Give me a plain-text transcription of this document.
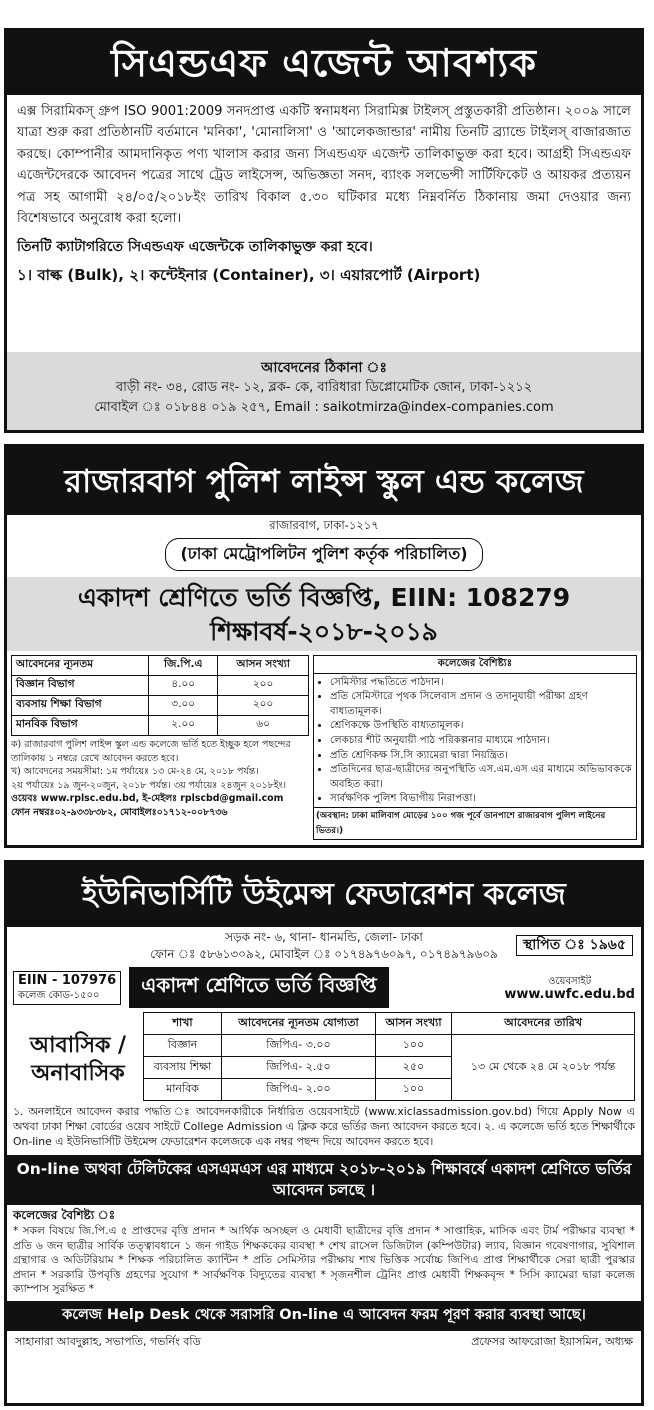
সিএন্ডএফ এজেন্ট আবশ্যক

এক্স সিরামিকস্ গ্রুপ ISO 9001:2009 সনদপ্রাপ্ত একটি স্বনামধন্য সিরামিক্স টাইলস্ প্রস্তুতকারী প্রতিষ্ঠান। ২০০৯ সালে যাত্রা শুরু করা প্রতিষ্ঠানটি বর্তমানে 'মনিকা', 'মোনালিসা' ও 'আলেকজান্ডার' নামীয় তিনটি ব্র্যান্ডে টাইলস্ বাজারজাত করছে। কোম্পানীর আমদানিকৃত পণ্য খালাস করার জন্য সিএন্ডএফ এজেন্ট তালিকাভুক্ত করা হবে। আগ্রহী সিএন্ডএফ এজেন্টদেরকে আবেদন পত্রের সাথে ট্রেড লাইসেন্স, অভিজ্ঞতা সনদ, ব্যাংক সলভেন্সী সার্টিফিকেট ও আয়কর প্রত্যয়ন পত্র সহ আগামী ২৪/০৫/২০১৮ইং তারিখ বিকাল ৫.৩০ ঘটিকার মধ্যে নিম্নবর্নিত ঠিকানায় জমা দেওয়ার জন্য বিশেষভাবে অনুরোধ করা হলো।

তিনটি ক্যাটাগরিতে সিএন্ডএফ এজেন্টকে তালিকাভুক্ত করা হবে।

১। বাল্ক (Bulk), ২। কন্টেইনার (Container), ৩। এয়ারপোর্ট (Airport)

আবেদনের ঠিকানা ঃ
বাড়ী নং- ৩৪, রোড নং- ১২, ব্লক- কে, বারিধারা ডিপ্লোমেটিক জোন, ঢাকা-১২১২
মোবাইল ঃ ০১৮৪৪ ০১৯ ২৫৭, Email : saikotmirza@index-companies.com
রাজারবাগ পুলিশ লাইন্স স্কুল এন্ড কলেজ
রাজারবাগ, ঢাকা-১২১৭
(ঢাকা মেট্রোপলিটন পুলিশ কর্তৃক পরিচালিত)
একাদশ শ্রেণিতে ভর্তি বিজ্ঞপ্তি, EIIN: 108279
শিক্ষাবর্ষ-২০১৮-২০১৯
আবেদনের ন্যূনতম	জি.পি.এ	আসন সংখ্যা
বিজ্ঞান বিভাগ	৪.০০	২০০
ব্যবসায় শিক্ষা বিভাগ	৩.০০	২০০
মানবিক বিভাগ	২.০০	৬০
ক) রাজারবাগ পুলিশ লাইন্স স্কুল এন্ড কলেজে ভর্তি হতে ইচ্ছুক হলে পছন্দের তালিকায় ১ নম্বরে রেখে আবেদন করতে হবে।
খ) আবেদনের সময়সীমা: ১ম পর্যায়েঃ ১৩ মে-২৪ মে, ২০১৮ পর্যন্ত।
২য় পর্যায়েঃ ১৯ জুন-২০জুন, ২০১৮ পর্যন্ত। ৩য় পর্যায়েঃ ২৪জুন ২০১৮ইং।
ওয়েবঃ www.rplsc.edu.bd, ই-মেইলঃ rplscbd@gmail.com
ফোন নম্বরঃ০২-৯৩৩৮৩৮২, মোবাইলঃ০১৭১২-০০৮৭৩৬
কলেজের বৈশিষ্ট্যঃ
• সেমিস্টার পদ্ধতিতে পাঠদান।
• প্রতি সেমিস্টারে পৃথক সিলেবাস প্রদান ও তদানুযায়ী পরীক্ষা গ্রহণ বাধ্যতামূলক।
• শ্রেণিকক্ষে উপস্থিতি বাধ্যতামূলক।
• লেকচার শীট অনুযায়ী পাঠ পরিকল্পনার মাধ্যমে পাঠদান।
• প্রতি শ্রেণিকক্ষ সি.সি ক্যামেরা দ্বারা নিয়ন্ত্রিত।
• প্রতিদিনের ছাত্র-ছাত্রীদের অনুপস্থিতি এস.এম.এস এর মাধ্যমে অভিভাবককে অবহিত করা।
• সার্বক্ষণিক পুলিশ বিভাগীয় নিরাপত্তা।
(অবস্থান: ঢাকা মালিবাগ মোড়ের ১০০ গজ পূর্বে ডানপাশে রাজারবাগ পুলিশ লাইনের ভিতর।)
ইউনিভার্সিটি উইমেন্স ফেডারেশন কলেজ
সড়ক নং- ৬, থানা- ধানমন্ডি, জেলা- ঢাকা
ফোন ঃ ৫৮৬১৩০৯২, মোবাইল ঃ ০১৭৪৯৭৬০৯৭, ০১৭৪৯৭৯৬০৯
স্থাপিত ঃ ১৯৬৫
EIIN - 107976
কলেজ কোড-১৫০০	একাদশ শ্রেণিতে ভর্তি বিজ্ঞপ্তি	ওয়েবসাইট
www.uwfc.edu.bd
আবাসিক / অনাবাসিক
শাখা	আবেদনের ন্যূনতম যোগ্যতা	আসন সংখ্যা	আবেদনের তারিখ
বিজ্ঞান	জিপিএ- ৩.০০	১০০	১৩ মে থেকে ২৪ মে ২০১৮ পর্যন্ত
ব্যবসায় শিক্ষা	জিপিএ- ২.৫০	২৫০	
মানবিক	জিপিএ- ২.০০	১০০	
১. অনলাইনে আবেদন করার পদ্ধতি ঃ আবেদনকারীকে নির্ধারিত ওয়েবসাইটে (www.xiclassadmission.gov.bd) গিয়ে Apply Now এ অথবা ঢাকা শিক্ষা বোর্ডের ওয়েব সাইটে College Admission এ ক্লিক করে ভর্তির জন্য আবেদন করতে হবে। ২. এ কলেজে ভর্তি হতে শিক্ষার্থীকে On-line এ ইউনিভার্সিটি উইমেন্স ফেডারেশন কলেজকে এক নম্বর পছন্দ দিয়ে আবেদন করতে হবে।
On-line অথবা টেলিটকের এসএমএস এর মাধ্যমে ২০১৮-২০১৯ শিক্ষাবর্ষে একাদশ শ্রেণিতে ভর্তির আবেদন চলছে ।
কলেজের বৈশিষ্ট্য ঃ
* সকল বিষয়ে জি.পি.এ ৫ প্রাপ্তদের বৃত্তি প্রদান * আর্থিক অসচ্ছল ও মেধাবী ছাত্রীদের বৃত্তি প্রদান * সাপ্তাহিক, মাসিক এবং টার্ম পরীক্ষার ব্যবস্থা * প্রতি ৬ জন ছাত্রীর সার্বিক তত্ত্বাবধানে ১ জন গাইড শিক্ষককের ব্যবস্থা * শেখ রাসেল ডিজিটাল (কম্পিউটার) ল্যাব, বিজ্ঞান গবেষণাগার, সুবিশাল গ্রন্থাগার ও অডিটরিয়াম * শিক্ষক পরিচালিত ক্যান্টিন * প্রতি সেমিস্টার পরীক্ষায় শাখ ভিত্তিক সর্বোচ্চ জিপিএ প্রাপ্ত শিক্ষার্থীকে সেরা ছাত্রী পুরস্কার প্রদান * সরকারি উপবৃত্তি গ্রহণের সুযোগ * সার্বক্ষণিক বিদ্যুতের ব্যবস্থা * সৃজনশীল ট্রেনিং প্রাপ্ত মেধাবী শিক্ষকবৃন্দ * সিসি ক্যামেরা দ্বারা কলেজ ক্যাম্পাস সুরক্ষিত *
কলেজ Help Desk থেকে সরাসরি On-line এ আবেদন ফরম পূরণ করার ব্যবস্থা আছে।
সাহানারা আবদুল্লাহ, সভাপতি, গভর্নিং বডি	প্রফেসর আফরোজা ইয়াসমিন, অধ্যক্ষ
